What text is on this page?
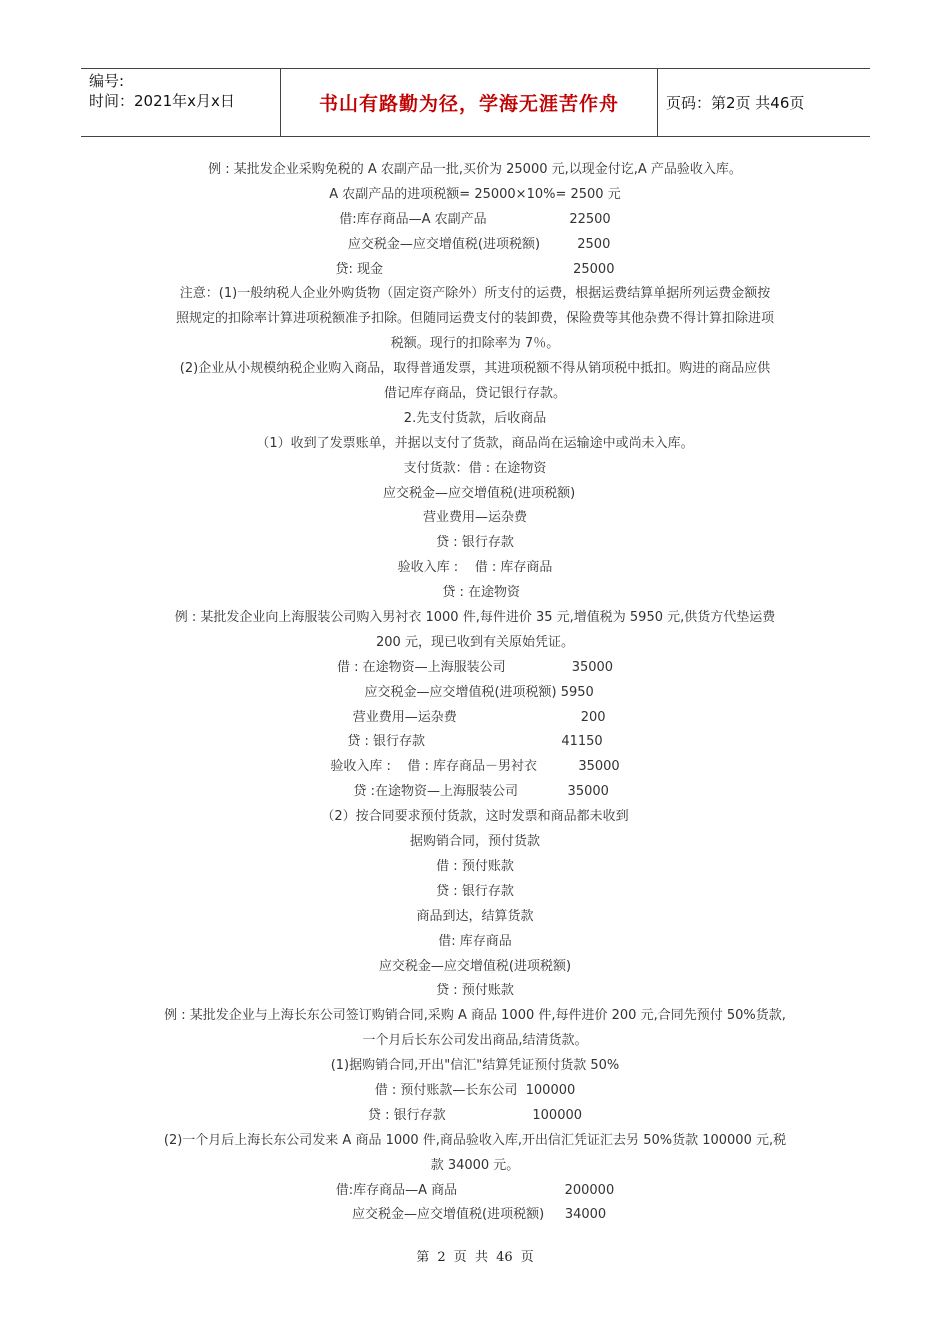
编号:
时间：2021年x月x日	书山有路勤为径，学海无涯苦作舟	页码：第2页 共46页
例 : 某批发企业采购免税的 A 农副产品一批,买价为 25000 元,以现金付讫,A 产品验收入库。
A 农副产品的进项税额= 25000×10%= 2500 元
借:库存商品—A 农副产品                    22500
应交税金—应交增值税(进项税额)         2500
贷: 现金                                              25000
注意：(1)一般纳税人企业外购货物（固定资产除外）所支付的运费，根据运费结算单据所列运费金额按
照规定的扣除率计算进项税额准予扣除。但随同运费支付的装卸费，保险费等其他杂费不得计算扣除进项
税额。现行的扣除率为 7％。
(2)企业从小规模纳税企业购入商品，取得普通发票，其进项税额不得从销项税中抵扣。购进的商品应供
借记库存商品，贷记银行存款。
2.先支付货款，后收商品
（1）收到了发票账单，并据以支付了货款，商品尚在运输途中或尚未入库。
支付货款：借 : 在途物资
应交税金—应交增值税(进项税额)
营业费用—运杂费
贷 : 银行存款
验收入库 :    借 : 库存商品
贷 : 在途物资
例 : 某批发企业向上海服装公司购入男衬衣 1000 件,每件进价 35 元,增值税为 5950 元,供货方代垫运费
200 元，现已收到有关原始凭证。
借 : 在途物资—上海服装公司                35000
应交税金—应交增值税(进项税额) 5950
营业费用—运杂费                              200
贷 : 银行存款                                 41150
验收入库 :    借 : 库存商品－男衬衣          35000
贷 :在途物资—上海服装公司            35000
（2）按合同要求预付货款，这时发票和商品都未收到
据购销合同，预付货款
借 : 预付账款
贷 : 银行存款
商品到达，结算货款
借: 库存商品
应交税金—应交增值税(进项税额)
贷 : 预付账款
例 : 某批发企业与上海长东公司签订购销合同,采购 A 商品 1000 件,每件进价 200 元,合同先预付 50%货款,
一个月后长东公司发出商品,结清货款。
(1)据购销合同,开出"信汇"结算凭证预付货款 50%
借 : 预付账款—长东公司  100000
贷 : 银行存款                     100000
(2)一个月后上海长东公司发来 A 商品 1000 件,商品验收入库,开出信汇凭证汇去另 50%货款 100000 元,税
款 34000 元。
借:库存商品—A 商品                          200000
应交税金—应交增值税(进项税额)     34000
第 2 页 共 46 页
